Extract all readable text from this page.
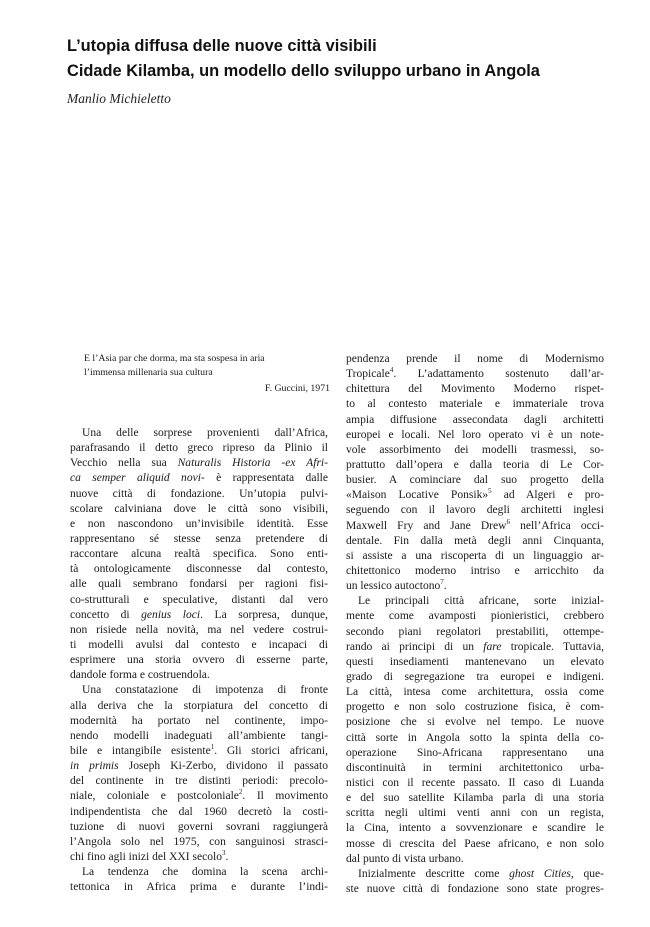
L’utopia diffusa delle nuove città visibili
Cidade Kilamba, un modello dello sviluppo urbano in Angola
Manlio Michieletto
E l’Asia par che dorma, ma sta sospesa in aria
l’immensa millenaria sua cultura
F. Guccini, 1971
Una delle sorprese provenienti dall’Africa,
parafrasando il detto greco ripreso da Plinio il
Vecchio nella sua Naturalis Historia -ex Afri-
ca semper aliquid novi- è rappresentata dalle
nuove città di fondazione. Un’utopia pulvi-
scolare calviniana dove le città sono visibili,
e non nascondono un’invisibile identità. Esse
rappresentano sé stesse senza pretendere di
raccontare alcuna realtà specifica. Sono enti-
tà ontologicamente disconnesse dal contesto,
alle quali sembrano fondarsi per ragioni fisi-
co-strutturali e speculative, distanti dal vero
concetto di genius loci. La sorpresa, dunque,
non risiede nella novità, ma nel vedere costrui-
ti modelli avulsi dal contesto e incapaci di
esprimere una storia ovvero di esserne parte,
dandole forma e costruendola.
Una constatazione di impotenza di fronte
alla deriva che la storpiatura del concetto di
modernità ha portato nel continente, impo-
nendo modelli inadeguati all’ambiente tangi-
bile e intangibile esistente$^1$. Gli storici africani,
in primis Joseph Ki-Zerbo, dividono il passato
del continente in tre distinti periodi: precolo-
niale, coloniale e postcoloniale$^2$. Il movimento
indipendentista che dal 1960 decretò la costi-
tuzione di nuovi governi sovrani raggiungerà
l’Angola solo nel 1975, con sanguinosi strasci-
chi fino agli inizi del XXI secolo$^3$.
La tendenza che domina la scena archi-
tettonica in Africa prima e durante l’indi-
pendenza prende il nome di Modernismo
Tropicale$^4$. L’adattamento sostenuto dall’ar-
chitettura del Movimento Moderno rispet-
to al contesto materiale e immateriale trova
ampia diffusione assecondata dagli architetti
europei e locali. Nel loro operato vi è un note-
vole assorbimento dei modelli trasmessi, so-
prattutto dall’opera e dalla teoria di Le Cor-
busier. A cominciare dal suo progetto della
«Maison Locative Ponsik»$^5$ ad Algeri e pro-
seguendo con il lavoro degli architetti inglesi
Maxwell Fry and Jane Drew$^6$ nell’Africa occi-
dentale. Fin dalla metà degli anni Cinquanta,
si assiste a una riscoperta di un linguaggio ar-
chitettonico moderno intriso e arricchito da
un lessico autoctono$^7$.
Le principali città africane, sorte inizial-
mente come avamposti pionieristici, crebbero
secondo piani regolatori prestabiliti, ottempe-
rando ai principi di un fare tropicale. Tuttavia,
questi insediamenti mantenevano un elevato
grado di segregazione tra europei e indigeni.
La città, intesa come architettura, ossia come
progetto e non solo costruzione fisica, è com-
posizione che si evolve nel tempo. Le nuove
città sorte in Angola sotto la spinta della co-
operazione Sino-Africana rappresentano una
discontinuità in termini architettonico urba-
nistici con il recente passato. Il caso di Luanda
e del suo satellite Kilamba parla di una storia
scritta negli ultimi venti anni con un regista,
la Cina, intento a sovvenzionare e scandire le
mosse di crescita del Paese africano, e non solo
dal punto di vista urbano.
Inizialmente descritte come ghost Cities, que-
ste nuove città di fondazione sono state progres-
